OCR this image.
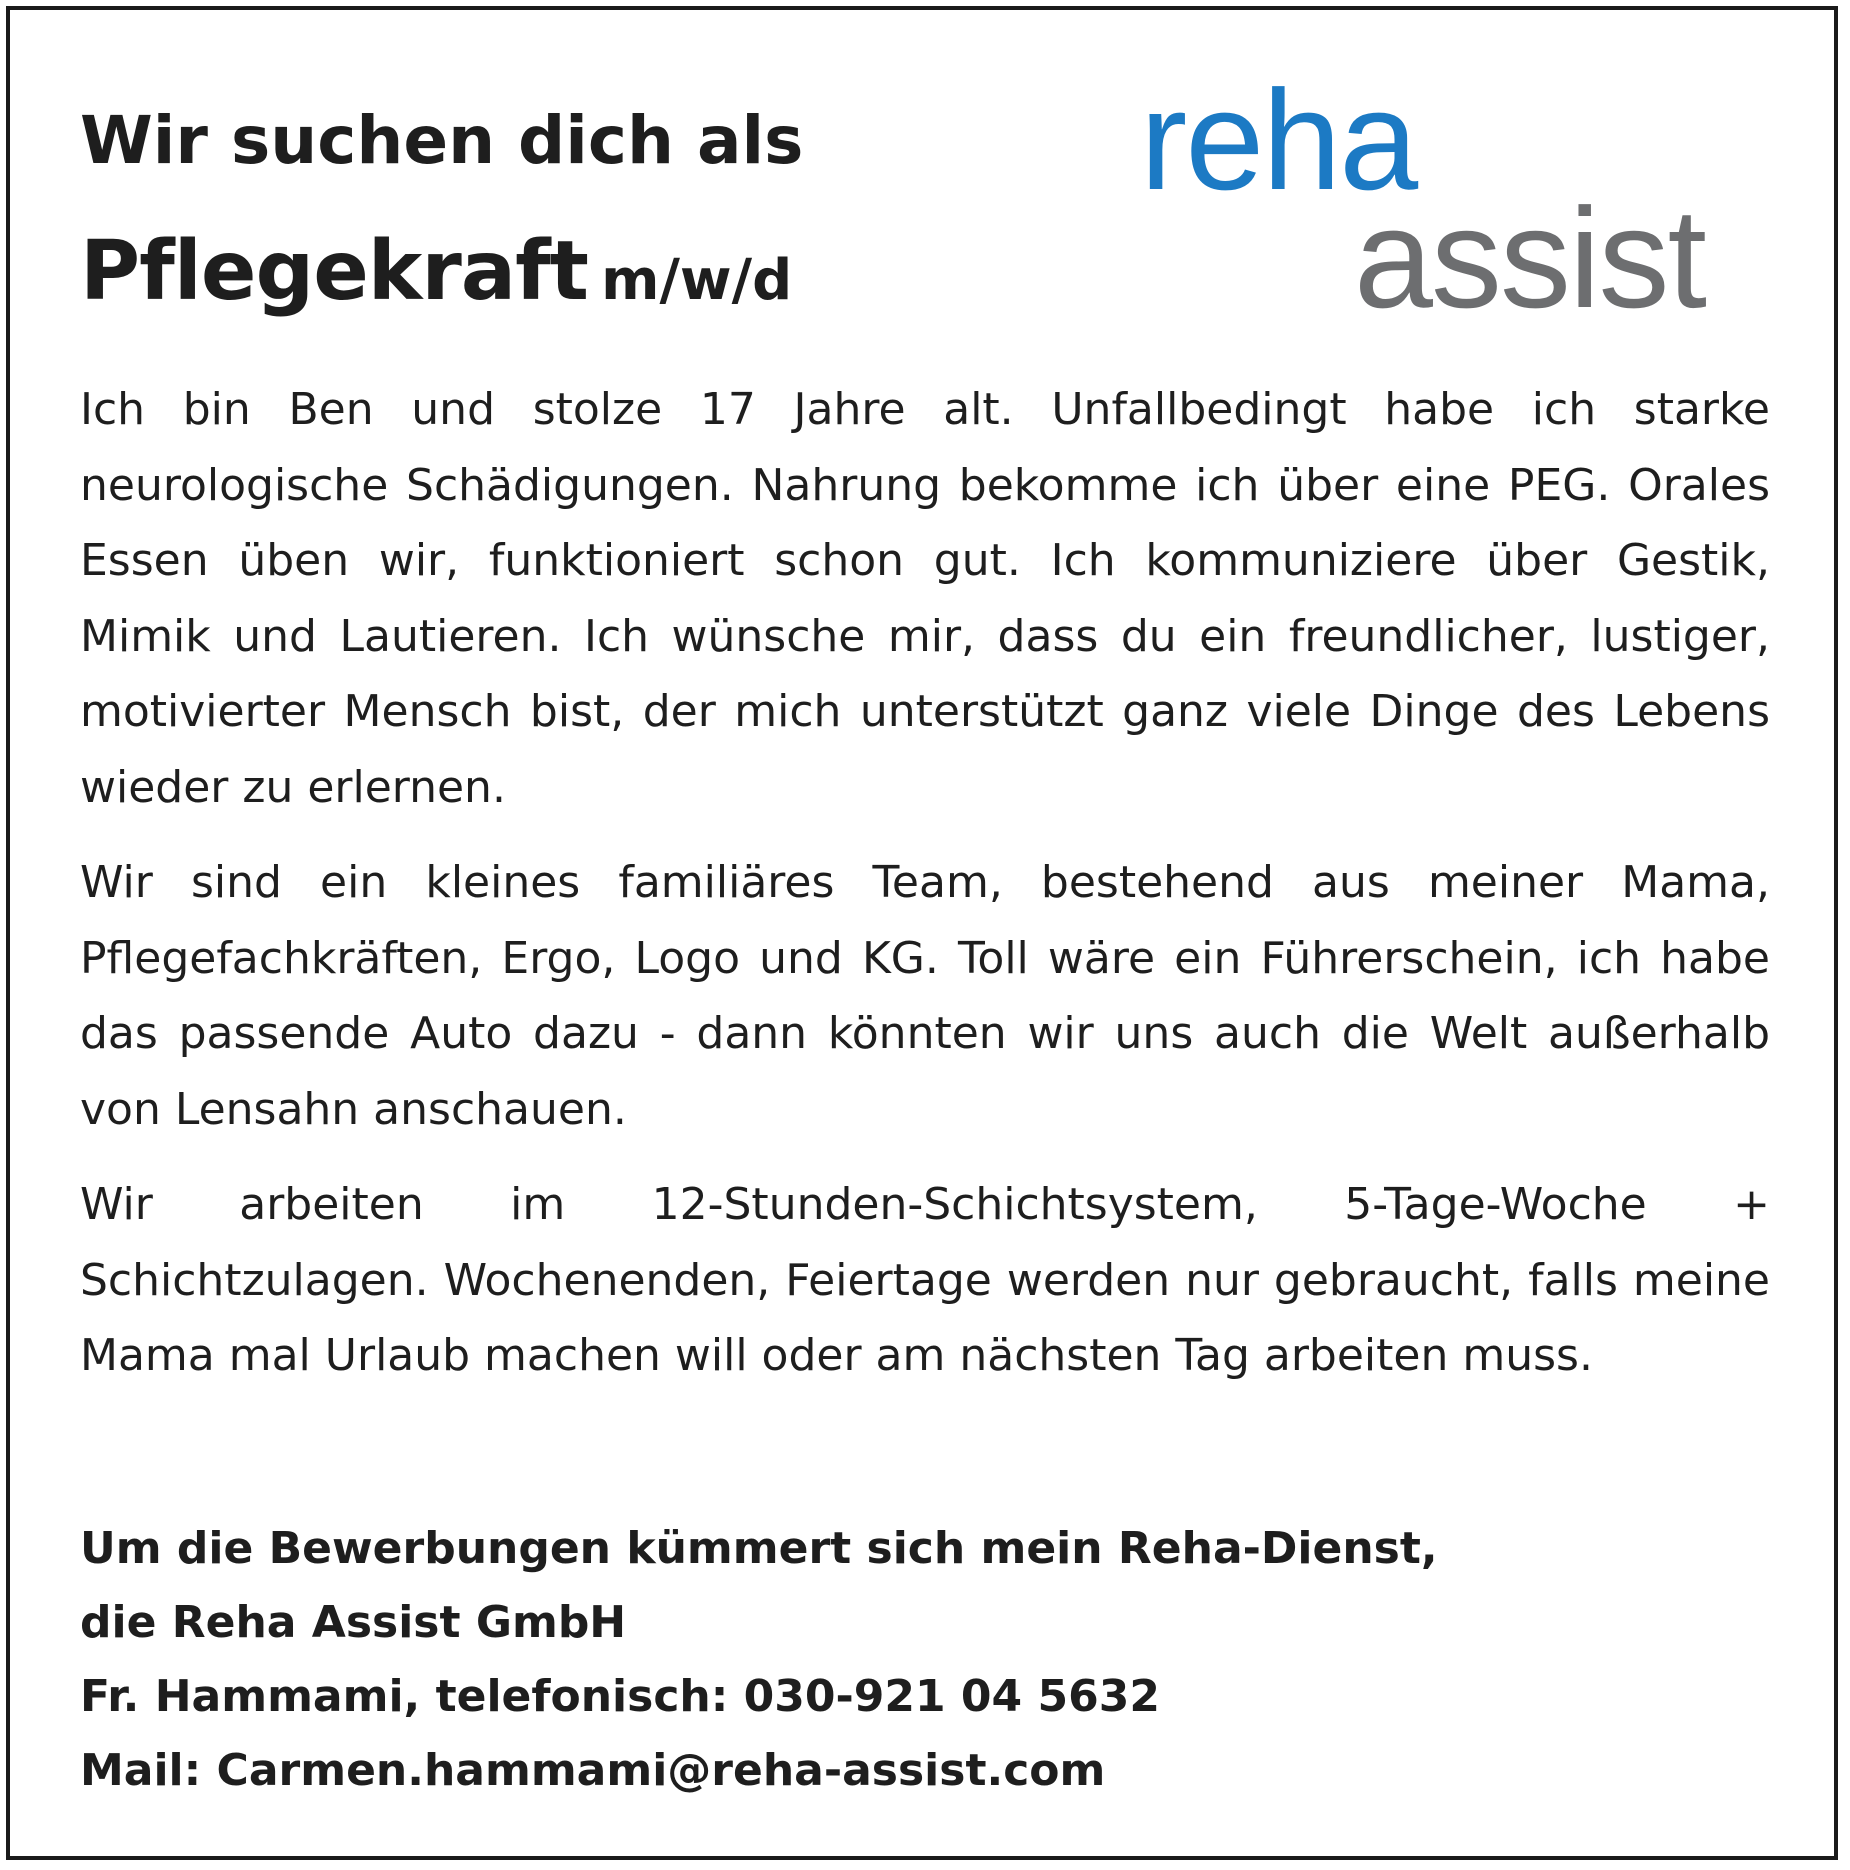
Wir suchen dich als
Pflegekraft m/w/d
reha
assist

Ich bin Ben und stolze 17 Jahre alt. Unfallbedingt habe ich starke neurologische Schädigungen. Nahrung bekomme ich über eine PEG. Orales Essen üben wir, funktioniert schon gut. Ich kommuniziere über Gestik, Mimik und Lautieren. Ich wünsche mir, dass du ein freundlicher, lustiger, motivierter Mensch bist, der mich unterstützt ganz viele Dinge des Lebens wieder zu erlernen.

Wir sind ein kleines familiäres Team, bestehend aus meiner Mama, Pflegefachkräften, Ergo, Logo und KG. Toll wäre ein Führerschein, ich habe das passende Auto dazu - dann könnten wir uns auch die Welt außerhalb von Lensahn anschauen.

Wir arbeiten im 12-Stunden-Schichtsystem, 5-Tage-Woche + Schichtzulagen. Wochenenden, Feiertage werden nur gebraucht, falls meine Mama mal Urlaub machen will oder am nächsten Tag arbeiten muss.

Um die Bewerbungen kümmert sich mein Reha-Dienst,
die Reha Assist GmbH
Fr. Hammami, telefonisch: 030-921 04 5632
Mail: Carmen.hammami@reha-assist.com
